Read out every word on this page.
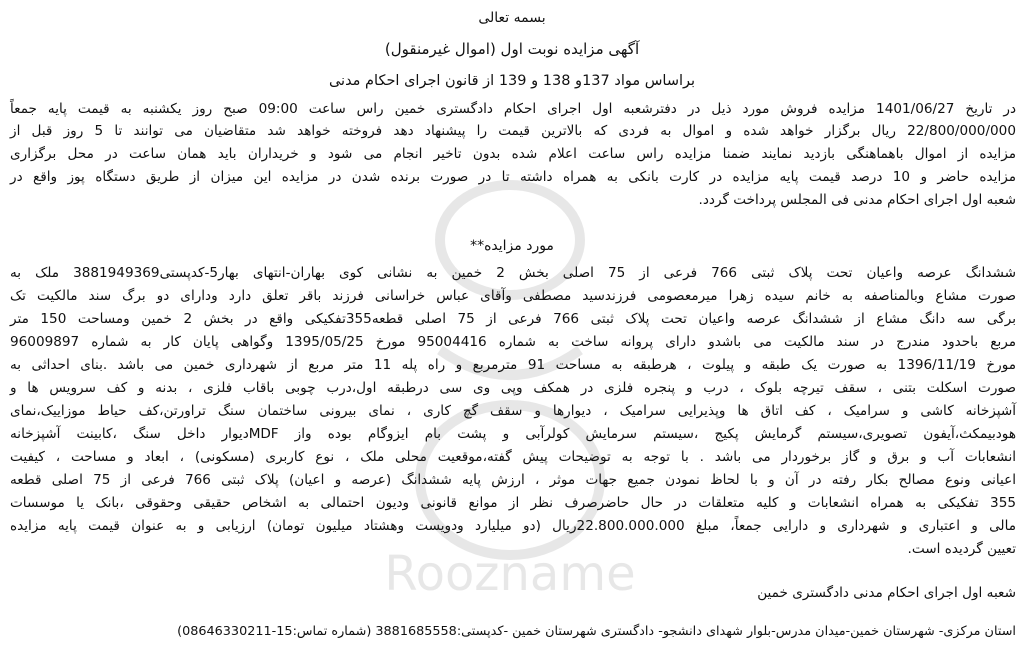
Roozname
بسمه تعالی
آگهی مزایده نوبت اول (اموال غیرمنقول)
براساس مواد 137و 138 و 139 از قانون اجرای احکام مدنی
در تاریخ 1401/06/27 مزایده فروش مورد ذیل در دفترشعبه اول اجرای احکام دادگستری خمین راس ساعت 09:00 صبح روز یکشنبه به قیمت پایه جمعاً
22/800/000/000 ریال برگزار خواهد شده و اموال به فردی که بالاترین قیمت را پیشنهاد دهد فروخته خواهد شد متقاضیان می توانند تا 5 روز قبل از
مزایده از اموال باهماهنگی بازدید نمایند ضمنا مزایده راس ساعت اعلام شده بدون تاخیر انجام می شود و خریداران باید همان ساعت در محل برگزاری
مزایده حاضر و 10 درصد قیمت پایه مزایده در کارت بانکی به همراه داشته تا در صورت برنده شدن در مزایده این میزان از طریق دستگاه پوز واقع در
شعبه اول اجرای احکام مدنی فی المجلس پرداخت گردد.
مورد مزایده**
ششدانگ عرصه واعیان تحت پلاک ثبتی 766 فرعی از 75 اصلی بخش 2 خمین به نشانی کوی بهاران-انتهای بهار5-کدپستی3881949369 ملک به
صورت مشاع وبالمناصفه به خانم سیده زهرا میرمعصومی فرزندسید مصطفی وآقای عباس خراسانی فرزند باقر تعلق دارد ودارای دو برگ سند مالکیت تک
برگی سه دانگ مشاع از ششدانگ عرصه واعیان تحت پلاک ثبتی 766 فرعی از 75 اصلی قطعه355تفکیکی واقع در بخش 2 خمین ومساحت 150 متر
مربع باحدود مندرج در سند مالکیت می باشدو دارای پروانه ساخت به شماره 95004416 مورخ 1395/05/25 وگواهی پایان کار به شماره 96009897
مورخ 1396/11/19 به صورت یک طبقه و پیلوت ، هرطبقه به مساحت 91 مترمربع و راه پله 11 متر مربع از شهرداری خمین می باشد .بنای احداثی به
صورت اسکلت بتنی ، سقف تیرچه بلوک ، درب و پنجره فلزی در همکف وپی وی سی درطبقه اول،درب چوبی باقاب فلزی ، بدنه و کف سرویس ها و
آشپزخانه کاشی و سرامیک ، کف اتاق ها وپذیرایی سرامیک ، دیوارها و سقف گچ کاری ، نمای بیرونی ساختمان سنگ تراورتن،کف حیاط موزاییک،نمای
هودبیمکث،آیفون تصویری،سیستم گرمایش پکیج ،سیستم سرمایش کولرآبی و پشت بام ایزوگام بوده واز MDFدیوار داخل سنگ ،کابینت آشپزخانه
انشعابات آب و برق و گاز برخوردار می باشد . با توجه به توضیحات پیش گفته،موقعیت محلی ملک ، نوع کاربری (مسکونی) ، ابعاد و مساحت ، کیفیت
اعیانی ونوع مصالح بکار رفته در آن و با لحاظ نمودن جمیع جهات موثر ، ارزش پایه ششدانگ (عرصه و اعیان) پلاک ثبتی 766 فرعی از 75 اصلی قطعه
355 تفکیکی به همراه انشعابات و کلیه متعلقات در حال حاضرصرف نظر از موانع قانونی ودیون احتمالی به اشخاص حقیقی وحقوقی ،بانک یا موسسات
مالی و اعتباری و شهرداری و دارایی جمعاً، مبلغ 22.800.000.000ریال (دو میلیارد ودویست وهشتاد میلیون تومان) ارزیابی و به عنوان قیمت پایه مزایده
تعیین گردیده است.
شعبه اول اجرای احکام مدنی دادگستری خمین
استان مرکزی- شهرستان خمین-میدان مدرس-بلوار شهدای دانشجو- دادگستری شهرستان خمین -کدپستی:3881685558 (شماره تماس:15-08646330211)
